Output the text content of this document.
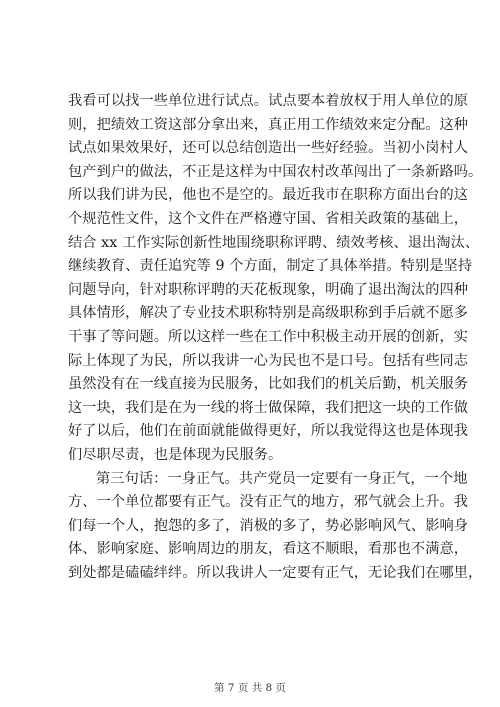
我看可以找一些单位进行试点。试点要本着放权于用人单位的原
则，把绩效工资这部分拿出来，真正用工作绩效来定分配。这种
试点如果效果好，还可以总结创造出一些好经验。当初小岗村人
包产到户的做法，不正是这样为中国农村改革闯出了一条新路吗。
所以我们讲为民，他也不是空的。最近我市在职称方面出台的这
个规范性文件，这个文件在严格遵守国、省相关政策的基础上，
结合 xx 工作实际创新性地围绕职称评聘、绩效考核、退出淘汰、
继续教育、责任追究等 9 个方面，制定了具体举措。特别是坚持
问题导向，针对职称评聘的天花板现象，明确了退出淘汰的四种
具体情形，解决了专业技术职称特别是高级职称到手后就不愿多
干事了等问题。所以这样一些在工作中积极主动开展的创新，实
际上体现了为民，所以我讲一心为民也不是口号。包括有些同志
虽然没有在一线直接为民服务，比如我们的机关后勤，机关服务
这一块，我们是在为一线的将士做保障，我们把这一块的工作做
好了以后，他们在前面就能做得更好，所以我觉得这也是体现我
们尽职尽责，也是体现为民服务。
第三句话：一身正气。共产党员一定要有一身正气，一个地
方、一个单位都要有正气。没有正气的地方，邪气就会上升。我
们每一个人，抱怨的多了，消极的多了，势必影响风气、影响身
体、影响家庭、影响周边的朋友，看这不顺眼，看那也不满意，
到处都是磕磕绊绊。所以我讲人一定要有正气，无论我们在哪里，
第 7 页 共 8 页
